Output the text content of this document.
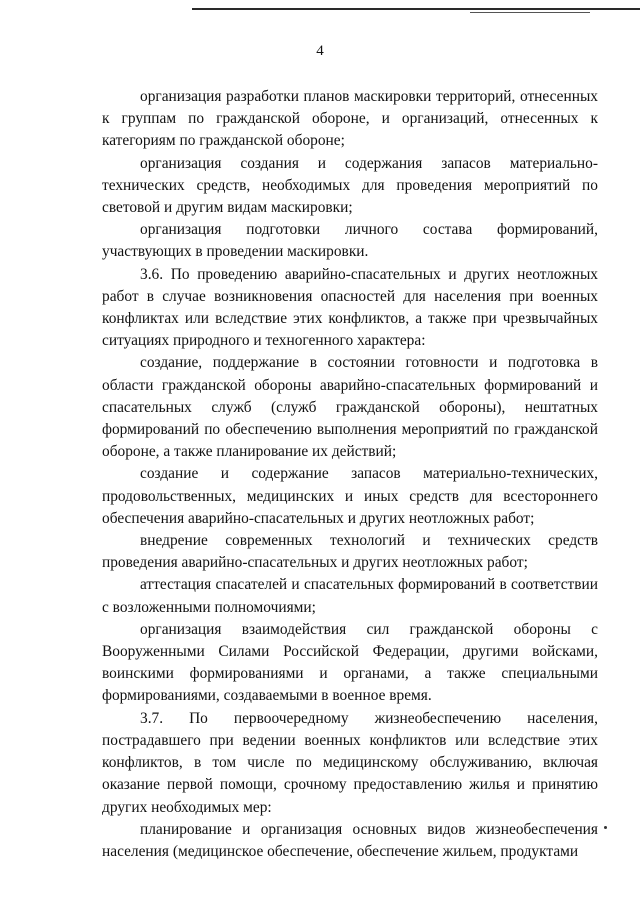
4

организация разработки планов маскировки территорий, отнесенных к группам по гражданской обороне, и организаций, отнесенных к категориям по гражданской обороне;

организация создания и содержания запасов материально-технических средств, необходимых для проведения мероприятий по световой и другим видам маскировки;

организация подготовки личного состава формирований, участвующих в проведении маскировки.

3.6. По проведению аварийно-спасательных и других неотложных работ в случае возникновения опасностей для населения при военных конфликтах или вследствие этих конфликтов, а также при чрезвычайных ситуациях природного и техногенного характера:

создание, поддержание в состоянии готовности и подготовка в области гражданской обороны аварийно-спасательных формирований и спасательных служб (служб гражданской обороны), нештатных формирований по обеспечению выполнения мероприятий по гражданской обороне, а также планирование их действий;

создание и содержание запасов материально-технических, продовольственных, медицинских и иных средств для всестороннего обеспечения аварийно-спасательных и других неотложных работ;

внедрение современных технологий и технических средств проведения аварийно-спасательных и других неотложных работ;

аттестация спасателей и спасательных формирований в соответствии с возложенными полномочиями;

организация взаимодействия сил гражданской обороны с Вооруженными Силами Российской Федерации, другими войсками, воинскими формированиями и органами, а также специальными формированиями, создаваемыми в военное время.

3.7. По первоочередному жизнеобеспечению населения, пострадавшего при ведении военных конфликтов или вследствие этих конфликтов, в том числе по медицинскому обслуживанию, включая оказание первой помощи, срочному предоставлению жилья и принятию других необходимых мер:

планирование и организация основных видов жизнеобеспечения населения (медицинское обеспечение, обеспечение жильем, продуктами
